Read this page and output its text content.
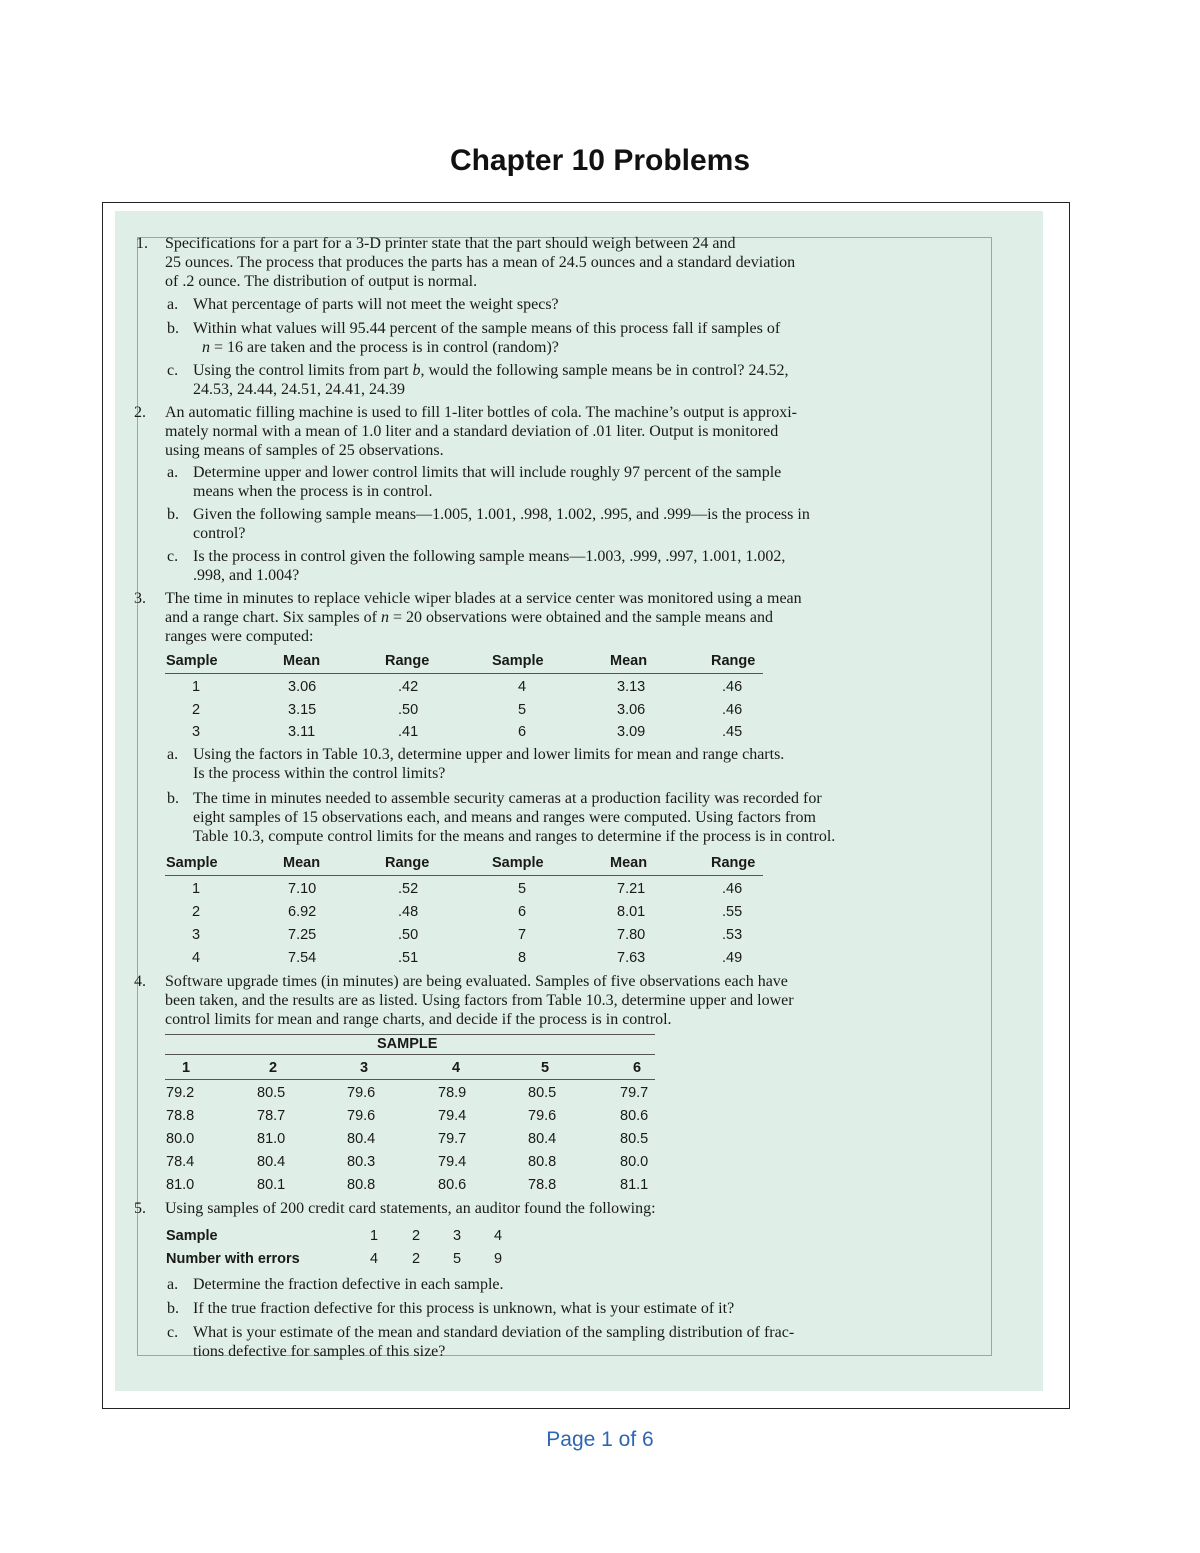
Chapter 10 Problems
1. Specifications for a part for a 3-D printer state that the part should weigh between 24 and
25 ounces. The process that produces the parts has a mean of 24.5 ounces and a standard deviation
of .2 ounce. The distribution of output is normal.
a. What percentage of parts will not meet the weight specs?
b. Within what values will 95.44 percent of the sample means of this process fall if samples of
n = 16 are taken and the process is in control (random)?
c. Using the control limits from part b, would the following sample means be in control? 24.52,
24.53, 24.44, 24.51, 24.41, 24.39
2. An automatic filling machine is used to fill 1-liter bottles of cola. The machine’s output is approxi-
mately normal with a mean of 1.0 liter and a standard deviation of .01 liter. Output is monitored
using means of samples of 25 observations.
a. Determine upper and lower control limits that will include roughly 97 percent of the sample
means when the process is in control.
b. Given the following sample means—1.005, 1.001, .998, 1.002, .995, and .999—is the process in
control?
c. Is the process in control given the following sample means—1.003, .999, .997, 1.001, 1.002,
.998, and 1.004?
3. The time in minutes to replace vehicle wiper blades at a service center was monitored using a mean
and a range chart. Six samples of n = 20 observations were obtained and the sample means and
ranges were computed:
Sample	Mean	Range	Sample	Mean	Range
1	3.06	.42	4	3.13	.46
2	3.15	.50	5	3.06	.46
3	3.11	.41	6	3.09	.45
a. Using the factors in Table 10.3, determine upper and lower limits for mean and range charts.
Is the process within the control limits?
b. The time in minutes needed to assemble security cameras at a production facility was recorded for
eight samples of 15 observations each, and means and ranges were computed. Using factors from
Table 10.3, compute control limits for the means and ranges to determine if the process is in control.
Sample	Mean	Range	Sample	Mean	Range
1	7.10	.52	5	7.21	.46
2	6.92	.48	6	8.01	.55
3	7.25	.50	7	7.80	.53
4	7.54	.51	8	7.63	.49
4. Software upgrade times (in minutes) are being evaluated. Samples of five observations each have
been taken, and the results are as listed. Using factors from Table 10.3, determine upper and lower
control limits for mean and range charts, and decide if the process is in control.
SAMPLE
1	2	3	4	5	6
79.2	80.5	79.6	78.9	80.5	79.7
78.8	78.7	79.6	79.4	79.6	80.6
80.0	81.0	80.4	79.7	80.4	80.5
78.4	80.4	80.3	79.4	80.8	80.0
81.0	80.1	80.8	80.6	78.8	81.1
5. Using samples of 200 credit card statements, an auditor found the following:
Sample	1 2 3 4
Number with errors	4 2 5 9
a. Determine the fraction defective in each sample.
b. If the true fraction defective for this process is unknown, what is your estimate of it?
c. What is your estimate of the mean and standard deviation of the sampling distribution of frac-
tions defective for samples of this size?
Page 1 of 6
